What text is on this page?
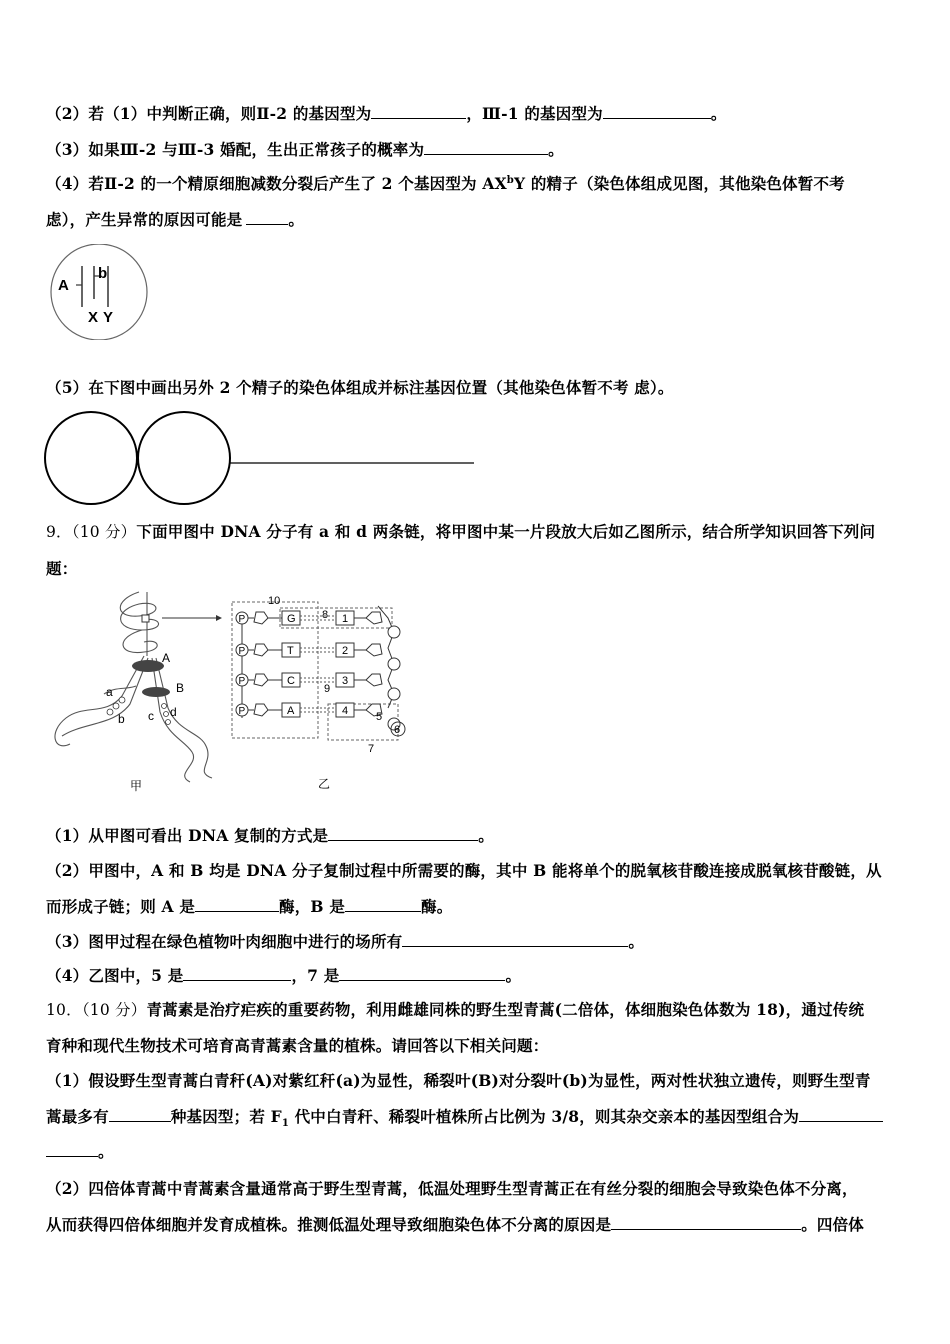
（2）若（1）中判断正确，则Ⅱ-2 的基因型为	，Ⅲ-1 的基因型为	。
（3）如果Ⅲ-2 与Ⅲ-3 婚配，生出正常孩子的概率为	。
（4）若Ⅱ-2 的一个精原细胞减数分裂后产生了 2 个基因型为 $AX^bY$ 的精子（染色体组成见图，其他染色体暂不考
虑），产生异常的原因可能是	。
A
b
X Y
（5）在下图中画出另外 2 个精子的染色体组成并标注基因位置（其他染色体暂不考 虑）。
9．（10 分）下面甲图中 DNA 分子有 a 和 d 两条链，将甲图中某一片段放大后如乙图所示，结合所学知识回答下列问
题：
A
B
a
b c d
甲
P	G	1
P	T	2
P	C	3
P	A	4
10
8
9
5
6
7
乙
（1）从甲图可看出 DNA 复制的方式是	。
（2）甲图中，A 和 B 均是 DNA 分子复制过程中所需要的酶，其中 B 能将单个的脱氧核苷酸连接成脱氧核苷酸链，从
而形成子链；则 A 是	酶，B 是	酶。
（3）图甲过程在绿色植物叶肉细胞中进行的场所有	。
（4）乙图中，5 是	，7 是	。
10．（10 分）青蒿素是治疗疟疾的重要药物，利用雌雄同株的野生型青蒿(二倍体，体细胞染色体数为 18)，通过传统
育种和现代生物技术可培育高青蒿素含量的植株。请回答以下相关问题：
（1）假设野生型青蒿白青秆(A)对紫红秆(a)为显性，稀裂叶(B)对分裂叶(b)为显性，两对性状独立遗传，则野生型青
蒿最多有	种基因型；若 $F_1$ 代中白青秆、稀裂叶植株所占比例为 3/8，则其杂交亲本的基因型组合为
。
（2）四倍体青蒿中青蒿素含量通常高于野生型青蒿，低温处理野生型青蒿正在有丝分裂的细胞会导致染色体不分离，
从而获得四倍体细胞并发育成植株。推测低温处理导致细胞染色体不分离的原因是	。四倍体
